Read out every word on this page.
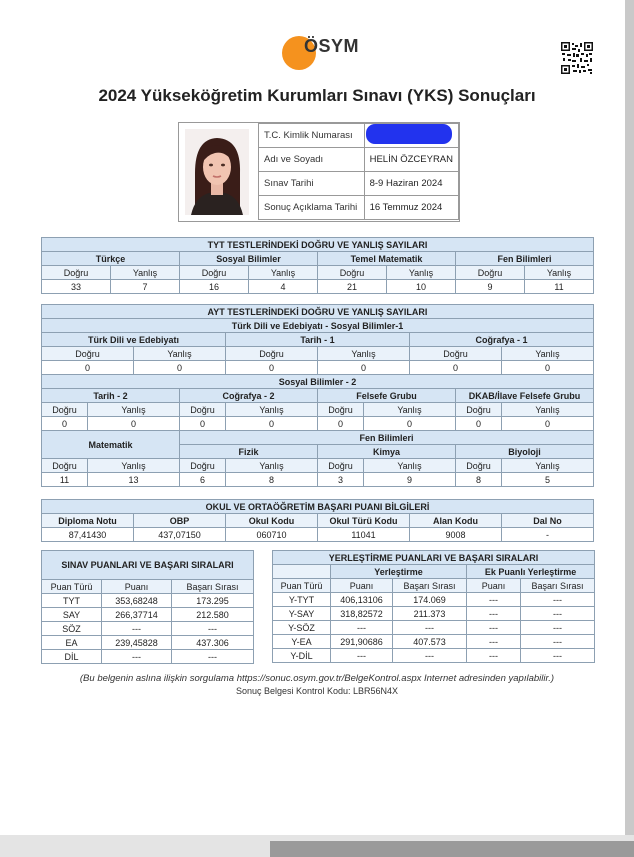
ÖSYM
2024 Yükseköğretim Kurumları Sınavı (YKS) Sonuçları
T.C. Kimlik Numarası	
Adı ve Soyadı	HELİN ÖZCEYRAN
Sınav Tarihi	8-9 Haziran 2024
Sonuç Açıklama Tarihi	16 Temmuz 2024
TYT TESTLERİNDEKİ DOĞRU VE YANLIŞ SAYILARI							
Türkçe		Sosyal Bilimler		Temel Matematik		Fen Bilimleri	
Doğru	Yanlış	Doğru	Yanlış	Doğru	Yanlış	Doğru	Yanlış
33	7	16	4	21	10	9	11
AYT TESTLERİNDEKİ DOĞRU VE YANLIŞ SAYILARI									
Türk Dili ve Edebiyatı - Sosyal Bilimler-1									
Türk Dili ve Edebiyatı				Tarih - 1			Coğrafya - 1		
Doğru		Yanlış		Doğru	Yanlış		Doğru		Yanlış
0		0		0	0		0		0
Sosyal Bilimler - 2									
Tarih - 2			Coğrafya - 2		Felsefe Grubu			DKAB/İlave Felsefe Grubu	
Doğru	Yanlış		Doğru	Yanlış	Doğru	Yanlış		Doğru	Yanlış
0	0		0	0	0	0		0	0
Matematik			Fen Bilimleri						
			Fizik		Kimya			Biyoloji	
Doğru	Yanlış		Doğru	Yanlış	Doğru	Yanlış		Doğru	Yanlış
11	13		6	8	3	9		8	5
OKUL VE ORTAÖĞRETİM BAŞARI PUANI BİLGİLERİ					
Diploma Notu	OBP	Okul Kodu	Okul Türü Kodu	Alan Kodu	Dal No
87,41430	437,07150	060710	11041	9008	-
SINAV PUANLARI VE BAŞARI SIRALARI		
Puan Türü	Puanı	Başarı Sırası
TYT	353,68248	173.295
SAY	266,37714	212.580
SÖZ	---	---
EA	239,45828	437.306
DİL	---	---
YERLEŞTİRME PUANLARI VE BAŞARI SIRALARI				
	Yerleştirme		Ek Puanlı Yerleştirme	
Puan Türü	Puanı	Başarı Sırası	Puanı	Başarı Sırası
Y-TYT	406,13106	174.069	---	---
Y-SAY	318,82572	211.373	---	---
Y-SÖZ	---	---	---	---
Y-EA	291,90686	407.573	---	---
Y-DİL	---	---	---	---
(Bu belgenin aslına ilişkin sorgulama https://sonuc.osym.gov.tr/BelgeKontrol.aspx Internet adresinden yapılabilir.)
Sonuç Belgesi Kontrol Kodu: LBR56N4X
